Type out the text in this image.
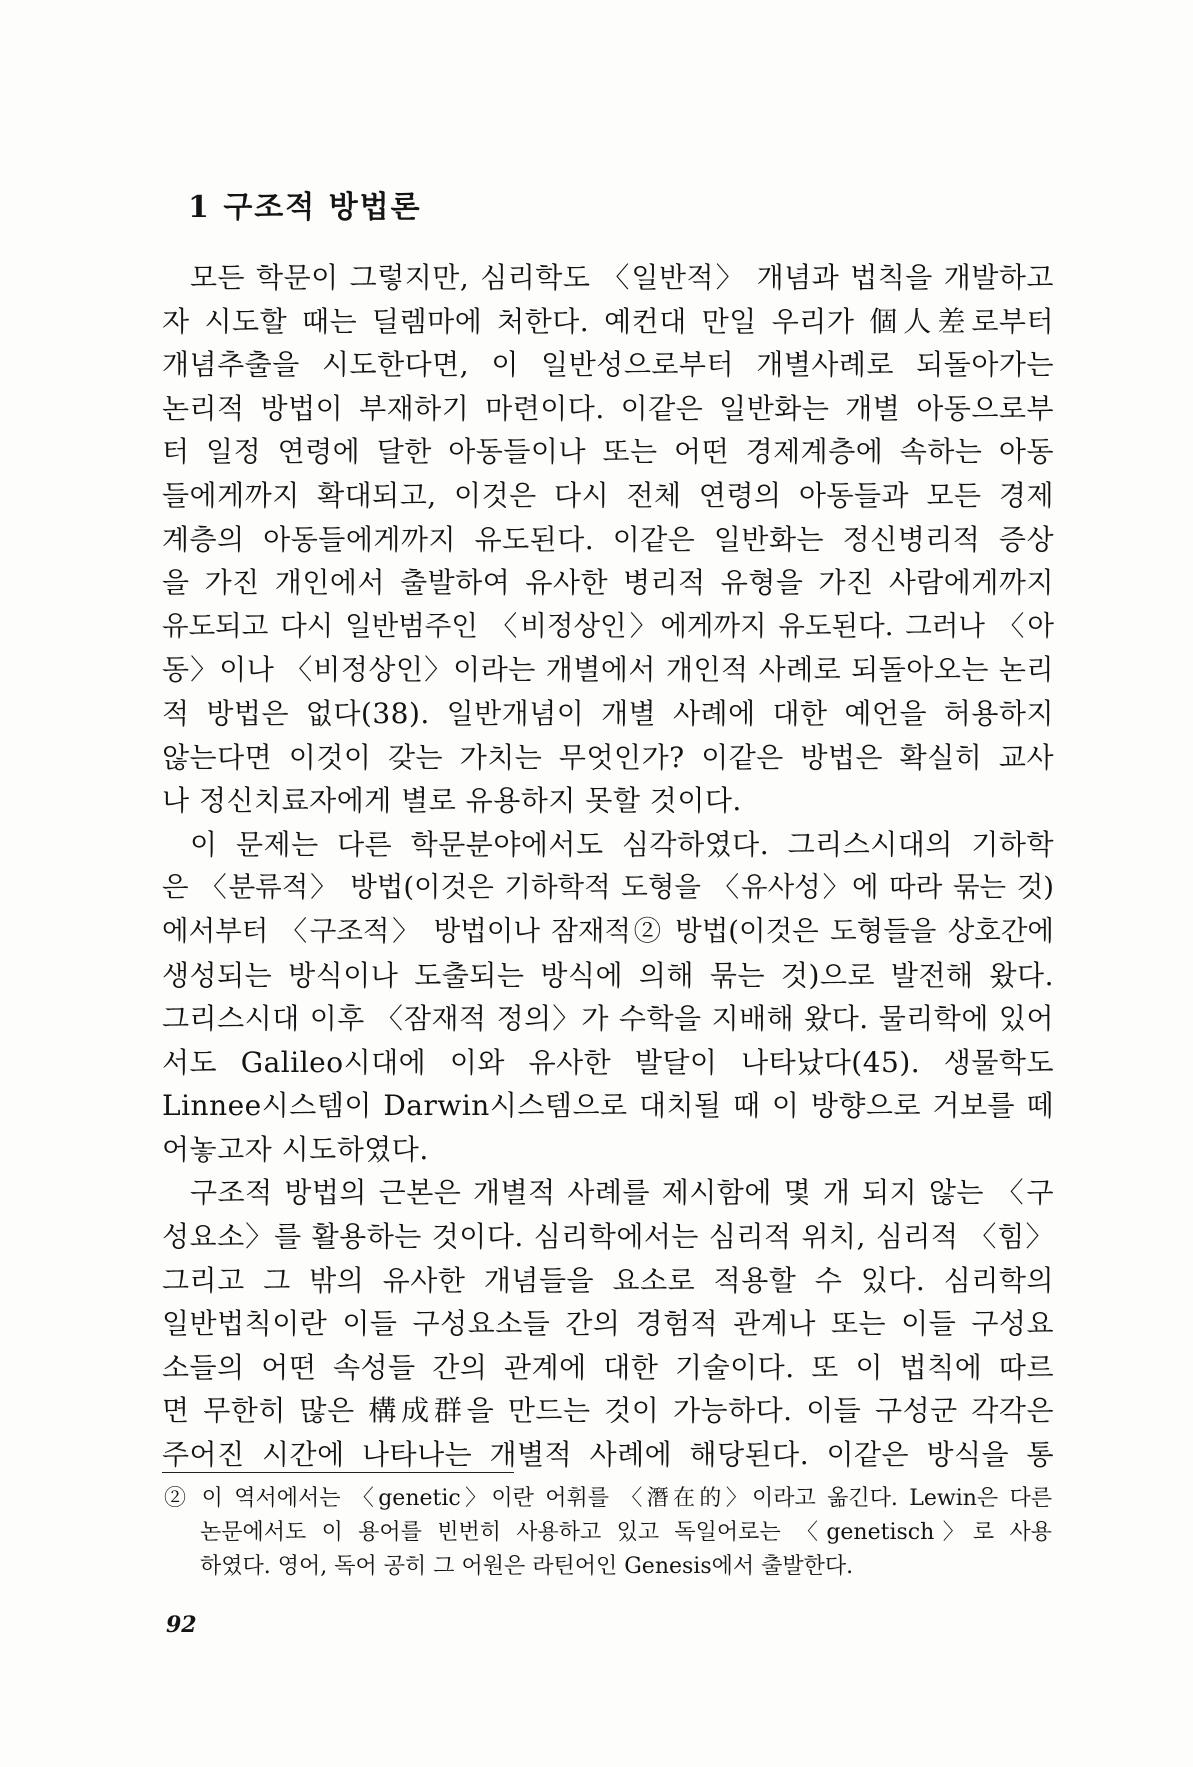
1 구조적 방법론
모든 학문이 그렇지만, 심리학도 〈일반적〉 개념과 법칙을 개발하고
자 시도할 때는 딜렘마에 처한다. 예컨대 만일 우리가 個人差로부터
개념추출을 시도한다면, 이 일반성으로부터 개별사례로 되돌아가는
논리적 방법이 부재하기 마련이다. 이같은 일반화는 개별 아동으로부
터 일정 연령에 달한 아동들이나 또는 어떤 경제계층에 속하는 아동
들에게까지 확대되고, 이것은 다시 전체 연령의 아동들과 모든 경제
계층의 아동들에게까지 유도된다. 이같은 일반화는 정신병리적 증상
을 가진 개인에서 출발하여 유사한 병리적 유형을 가진 사람에게까지
유도되고 다시 일반범주인 〈비정상인〉에게까지 유도된다. 그러나 〈아
동〉이나 〈비정상인〉이라는 개별에서 개인적 사례로 되돌아오는 논리
적 방법은 없다(38). 일반개념이 개별 사례에 대한 예언을 허용하지
않는다면 이것이 갖는 가치는 무엇인가? 이같은 방법은 확실히 교사
나 정신치료자에게 별로 유용하지 못할 것이다.
이 문제는 다른 학문분야에서도 심각하였다. 그리스시대의 기하학
은 〈분류적〉 방법(이것은 기하학적 도형을 〈유사성〉에 따라 묶는 것)
에서부터 〈구조적〉 방법이나 잠재적② 방법(이것은 도형들을 상호간에
생성되는 방식이나 도출되는 방식에 의해 묶는 것)으로 발전해 왔다.
그리스시대 이후 〈잠재적 정의〉가 수학을 지배해 왔다. 물리학에 있어
서도 Galileo시대에 이와 유사한 발달이 나타났다(45). 생물학도
Linnee시스템이 Darwin시스템으로 대치될 때 이 방향으로 거보를 떼
어놓고자 시도하였다.
구조적 방법의 근본은 개별적 사례를 제시함에 몇 개 되지 않는 〈구
성요소〉를 활용하는 것이다. 심리학에서는 심리적 위치, 심리적 〈힘〉
그리고 그 밖의 유사한 개념들을 요소로 적용할 수 있다. 심리학의
일반법칙이란 이들 구성요소들 간의 경험적 관계나 또는 이들 구성요
소들의 어떤 속성들 간의 관계에 대한 기술이다. 또 이 법칙에 따르
면 무한히 많은 構成群을 만드는 것이 가능하다. 이들 구성군 각각은
주어진 시간에 나타나는 개별적 사례에 해당된다. 이같은 방식을 통
② 이 역서에서는 〈genetic〉이란 어휘를 〈潛在的〉이라고 옮긴다. Lewin은 다른
논문에서도 이 용어를 빈번히 사용하고 있고 독일어로는 〈genetisch〉로 사용
하였다. 영어, 독어 공히 그 어원은 라틴어인 Genesis에서 출발한다.
92
